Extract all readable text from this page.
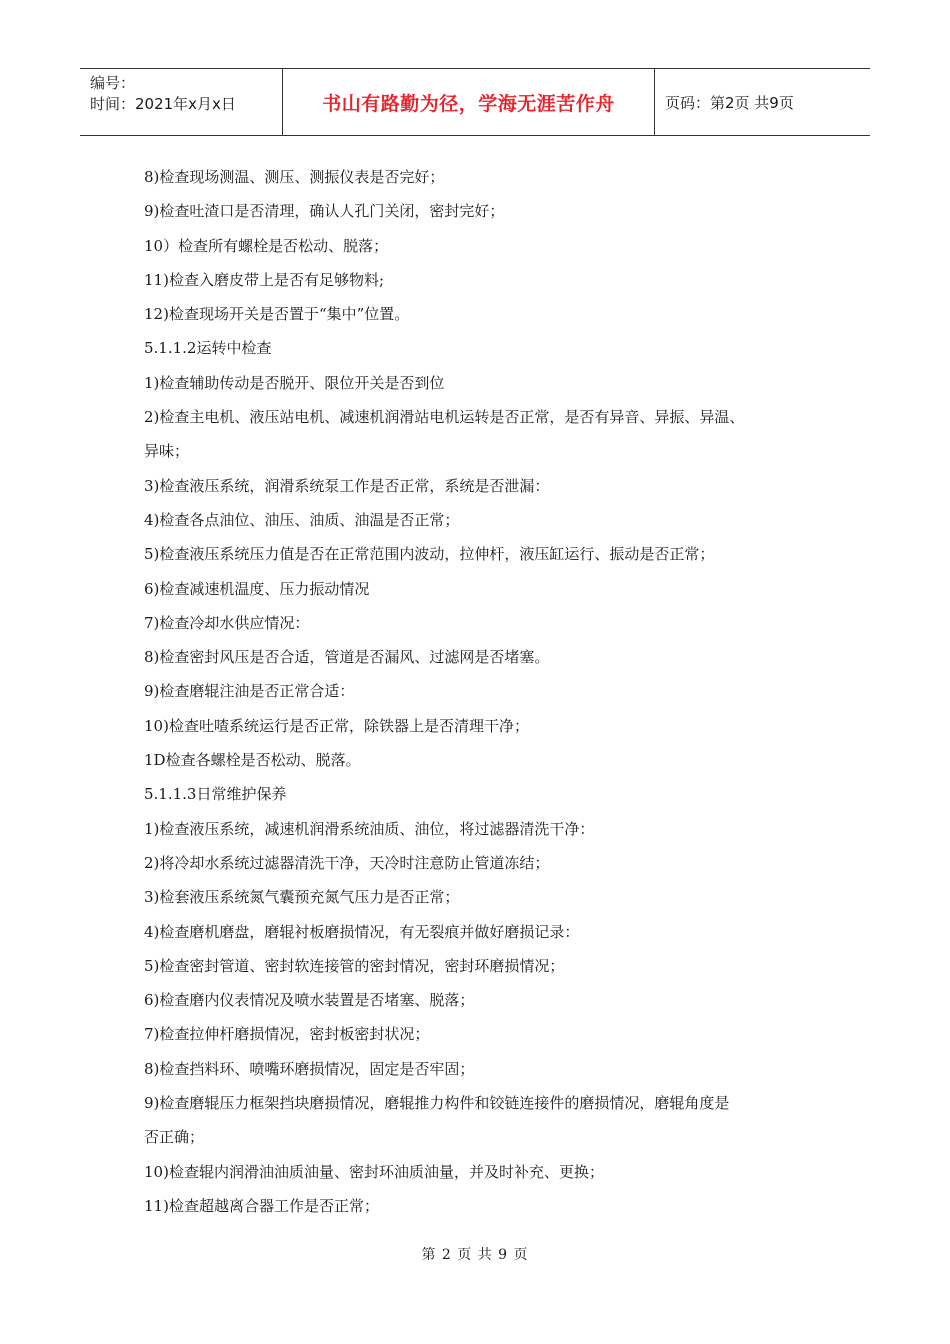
编号：
时间：2021年x月x日	书山有路勤为径，学海无涯苦作舟	页码：第2页 共9页
8)检查现场测温、测压、测振仪表是否完好；
9)检查吐渣口是否清理，确认人孔门关闭，密封完好；
10）检查所有螺栓是否松动、脱落；
11)检查入磨皮带上是否有足够物料;
12)检查现场开关是否置于“集中”位置。
5.1.1.2运转中检查
1)检查辅助传动是否脱开、限位开关是否到位
2)检查主电机、液压站电机、减速机润滑站电机运转是否正常，是否有异音、异振、异温、
异味；
3)检查液压系统，润滑系统泵工作是否正常，系统是否泄漏：
4)检查各点油位、油压、油质、油温是否正常；
5)检查液压系统压力值是否在正常范围内波动，拉伸杆，液压缸运行、振动是否正常；
6)检查减速机温度、压力振动情况
7)检查冷却水供应情况：
8)检查密封风压是否合适，管道是否漏风、过滤网是否堵塞。
9)检查磨辊注油是否正常合适：
10)检查吐喳系统运行是否正常，除铁器上是否清理干净；
1D检查各螺栓是否松动、脱落。
5.1.1.3日常维护保养
1)检查液压系统，减速机润滑系统油质、油位，将过滤器清洗干净：
2)将冷却水系统过滤器清洗干净，天冷时注意防止管道冻结；
3)检套液压系统氮气囊预充氮气压力是否正常；
4)检查磨机磨盘，磨辊衬板磨损情况，有无裂痕并做好磨损记录：
5)检查密封管道、密封软连接管的密封情况，密封环磨损情况；
6)检查磨内仪表情况及喷水装置是否堵塞、脱落；
7)检查拉伸杆磨损情况，密封板密封状况；
8)检查挡料环、喷嘴环磨损情况，固定是否牢固；
9)检查磨辊压力框架挡块磨损情况，磨辊推力构件和铰链连接件的磨损情况，磨辊角度是
否正确；
10)检查辊内润滑油油质油量、密封环油质油量，并及时补充、更换；
11)检查超越离合器工作是否正常；
第 2 页 共 9 页
